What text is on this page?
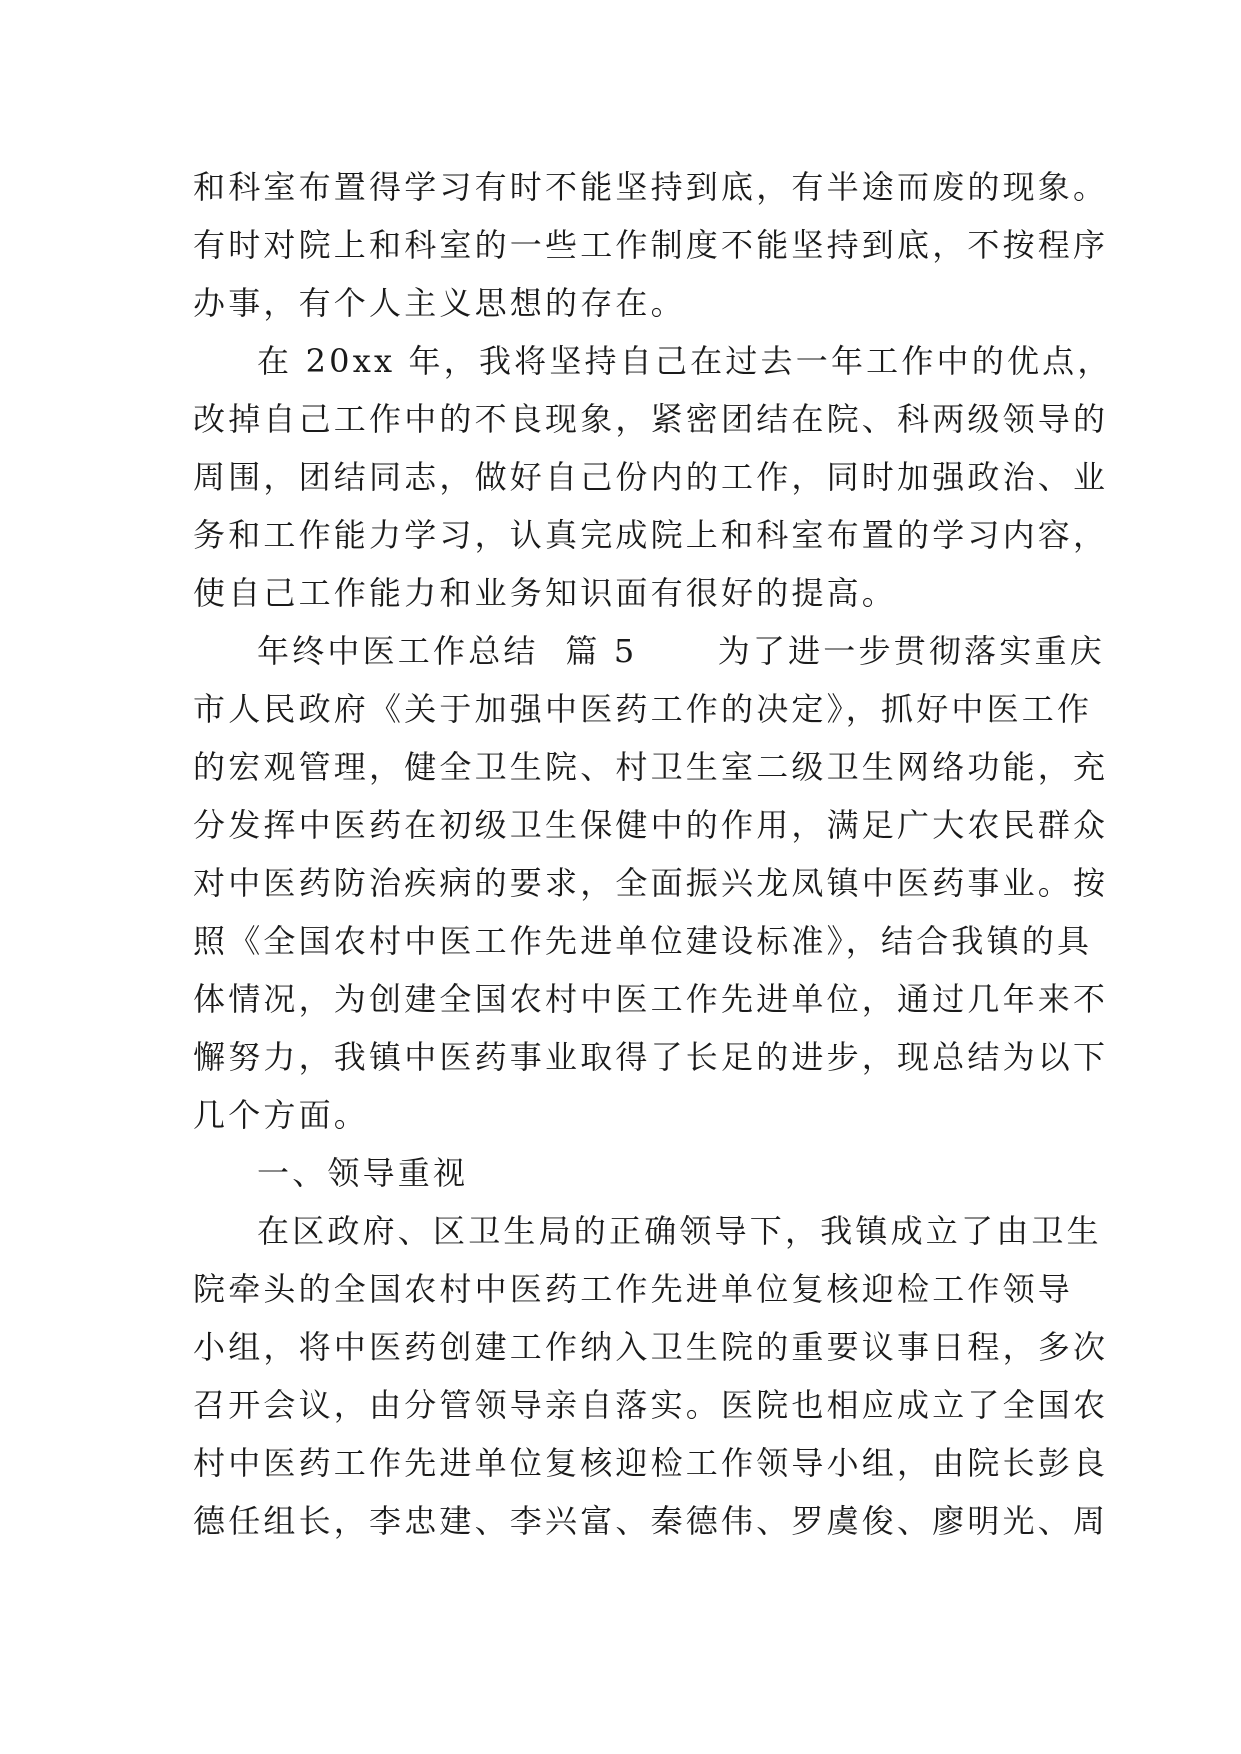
和科室布置得学习有时不能坚持到底，有半途而废的现象。
有时对院上和科室的一些工作制度不能坚持到底，不按程序
办事，有个人主义思想的存在。
在 20xx 年，我将坚持自己在过去一年工作中的优点，
改掉自己工作中的不良现象，紧密团结在院、科两级领导的
周围，团结同志，做好自己份内的工作，同时加强政治、业
务和工作能力学习，认真完成院上和科室布置的学习内容，
使自己工作能力和业务知识面有很好的提高。
年终中医工作总结  篇 5      为了进一步贯彻落实重庆
市人民政府《关于加强中医药工作的决定》，抓好中医工作
的宏观管理，健全卫生院、村卫生室二级卫生网络功能，充
分发挥中医药在初级卫生保健中的作用，满足广大农民群众
对中医药防治疾病的要求，全面振兴龙凤镇中医药事业。按
照《全国农村中医工作先进单位建设标准》，结合我镇的具
体情况，为创建全国农村中医工作先进单位，通过几年来不
懈努力，我镇中医药事业取得了长足的进步，现总结为以下
几个方面。
一、领导重视
在区政府、区卫生局的正确领导下，我镇成立了由卫生
院牵头的全国农村中医药工作先进单位复核迎检工作领导
小组，将中医药创建工作纳入卫生院的重要议事日程，多次
召开会议，由分管领导亲自落实。医院也相应成立了全国农
村中医药工作先进单位复核迎检工作领导小组，由院长彭良
德任组长，李忠建、李兴富、秦德伟、罗虞俊、廖明光、周
